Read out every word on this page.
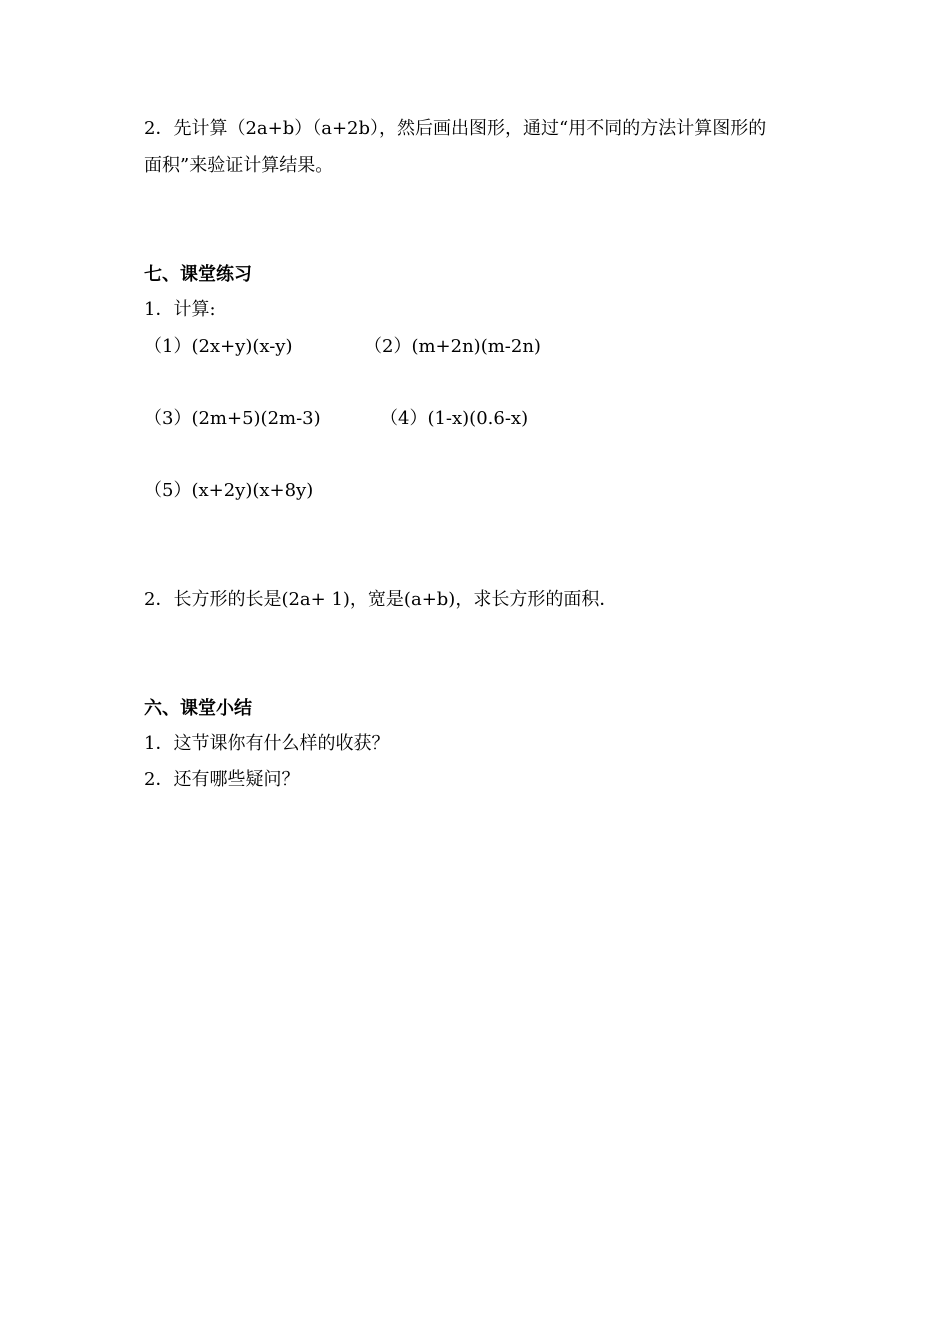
2．先计算（2a+b）（a+2b），然后画出图形，通过“用不同的方法计算图形的
面积”来验证计算结果。
七、课堂练习
1．计算:
（1）(2x+y)(x-y)	（2）(m+2n)(m-2n)
（3）(2m+5)(2m-3)	（4）(1-x)(0.6-x)
（5）(x+2y)(x+8y)
2．长方形的长是(2a+ 1)，宽是(a+b)，求长方形的面积．
六、课堂小结
1．这节课你有什么样的收获？
2．还有哪些疑问？
